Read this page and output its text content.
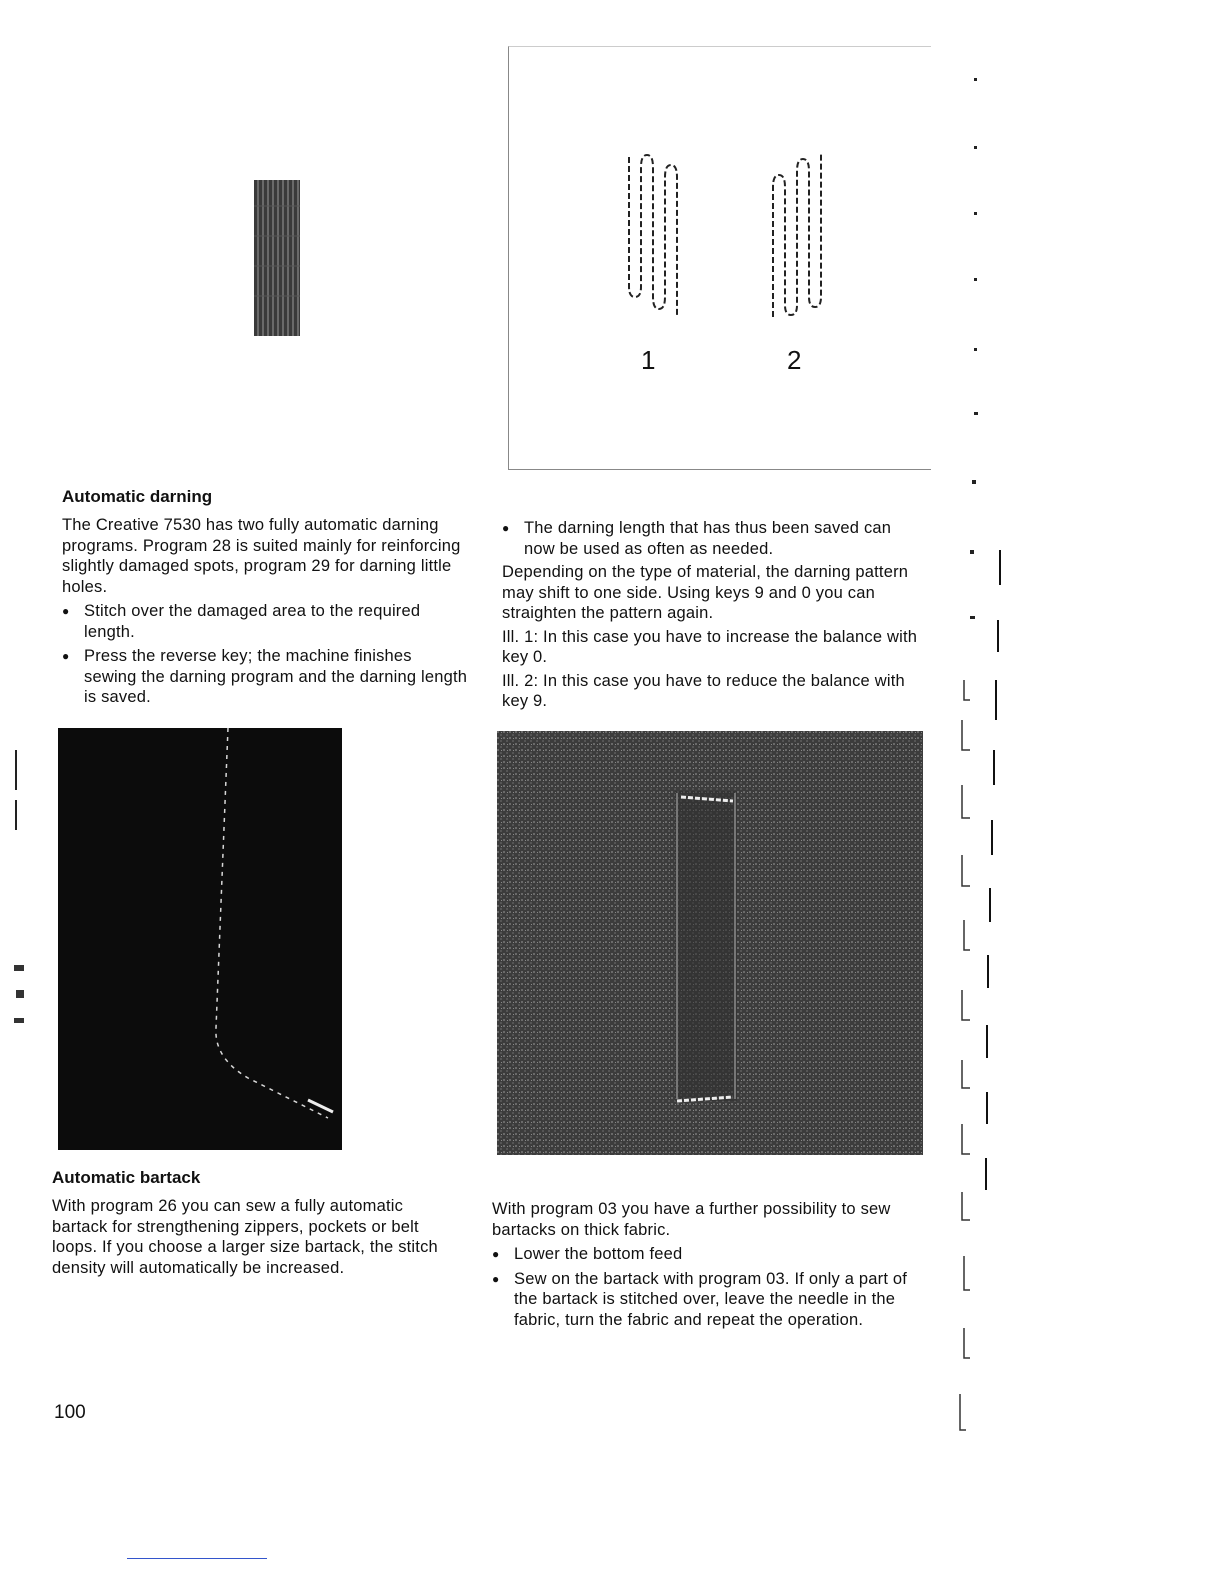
1	2
Automatic darning

The Creative 7530 has two fully automatic darning programs. Program 28 is suited mainly for reinforcing slightly damaged spots, program 29 for darning little holes.

● Stitch over the damaged area to the required length.

● Press the reverse key; the machine finishes sewing the darning program and the darning length is saved.

● The darning length that has thus been saved can now be used as often as needed.

Depending on the type of material, the darning pattern may shift to one side. Using keys 9 and 0 you can straighten the pattern again.

Ill. 1: In this case you have to increase the balance with key 0.

Ill. 2: In this case you have to reduce the balance with key 9.

Automatic bartack

With program 26 you can sew a fully automatic bartack for strengthening zippers, pockets or belt loops. If you choose a larger size bartack, the stitch density will automatically be increased.

With program 03 you have a further possibility to sew bartacks on thick fabric.

● Lower the bottom feed

● Sew on the bartack with program 03. If only a part of the bartack is stitched over, leave the needle in the fabric, turn the fabric and repeat the operation.

100
